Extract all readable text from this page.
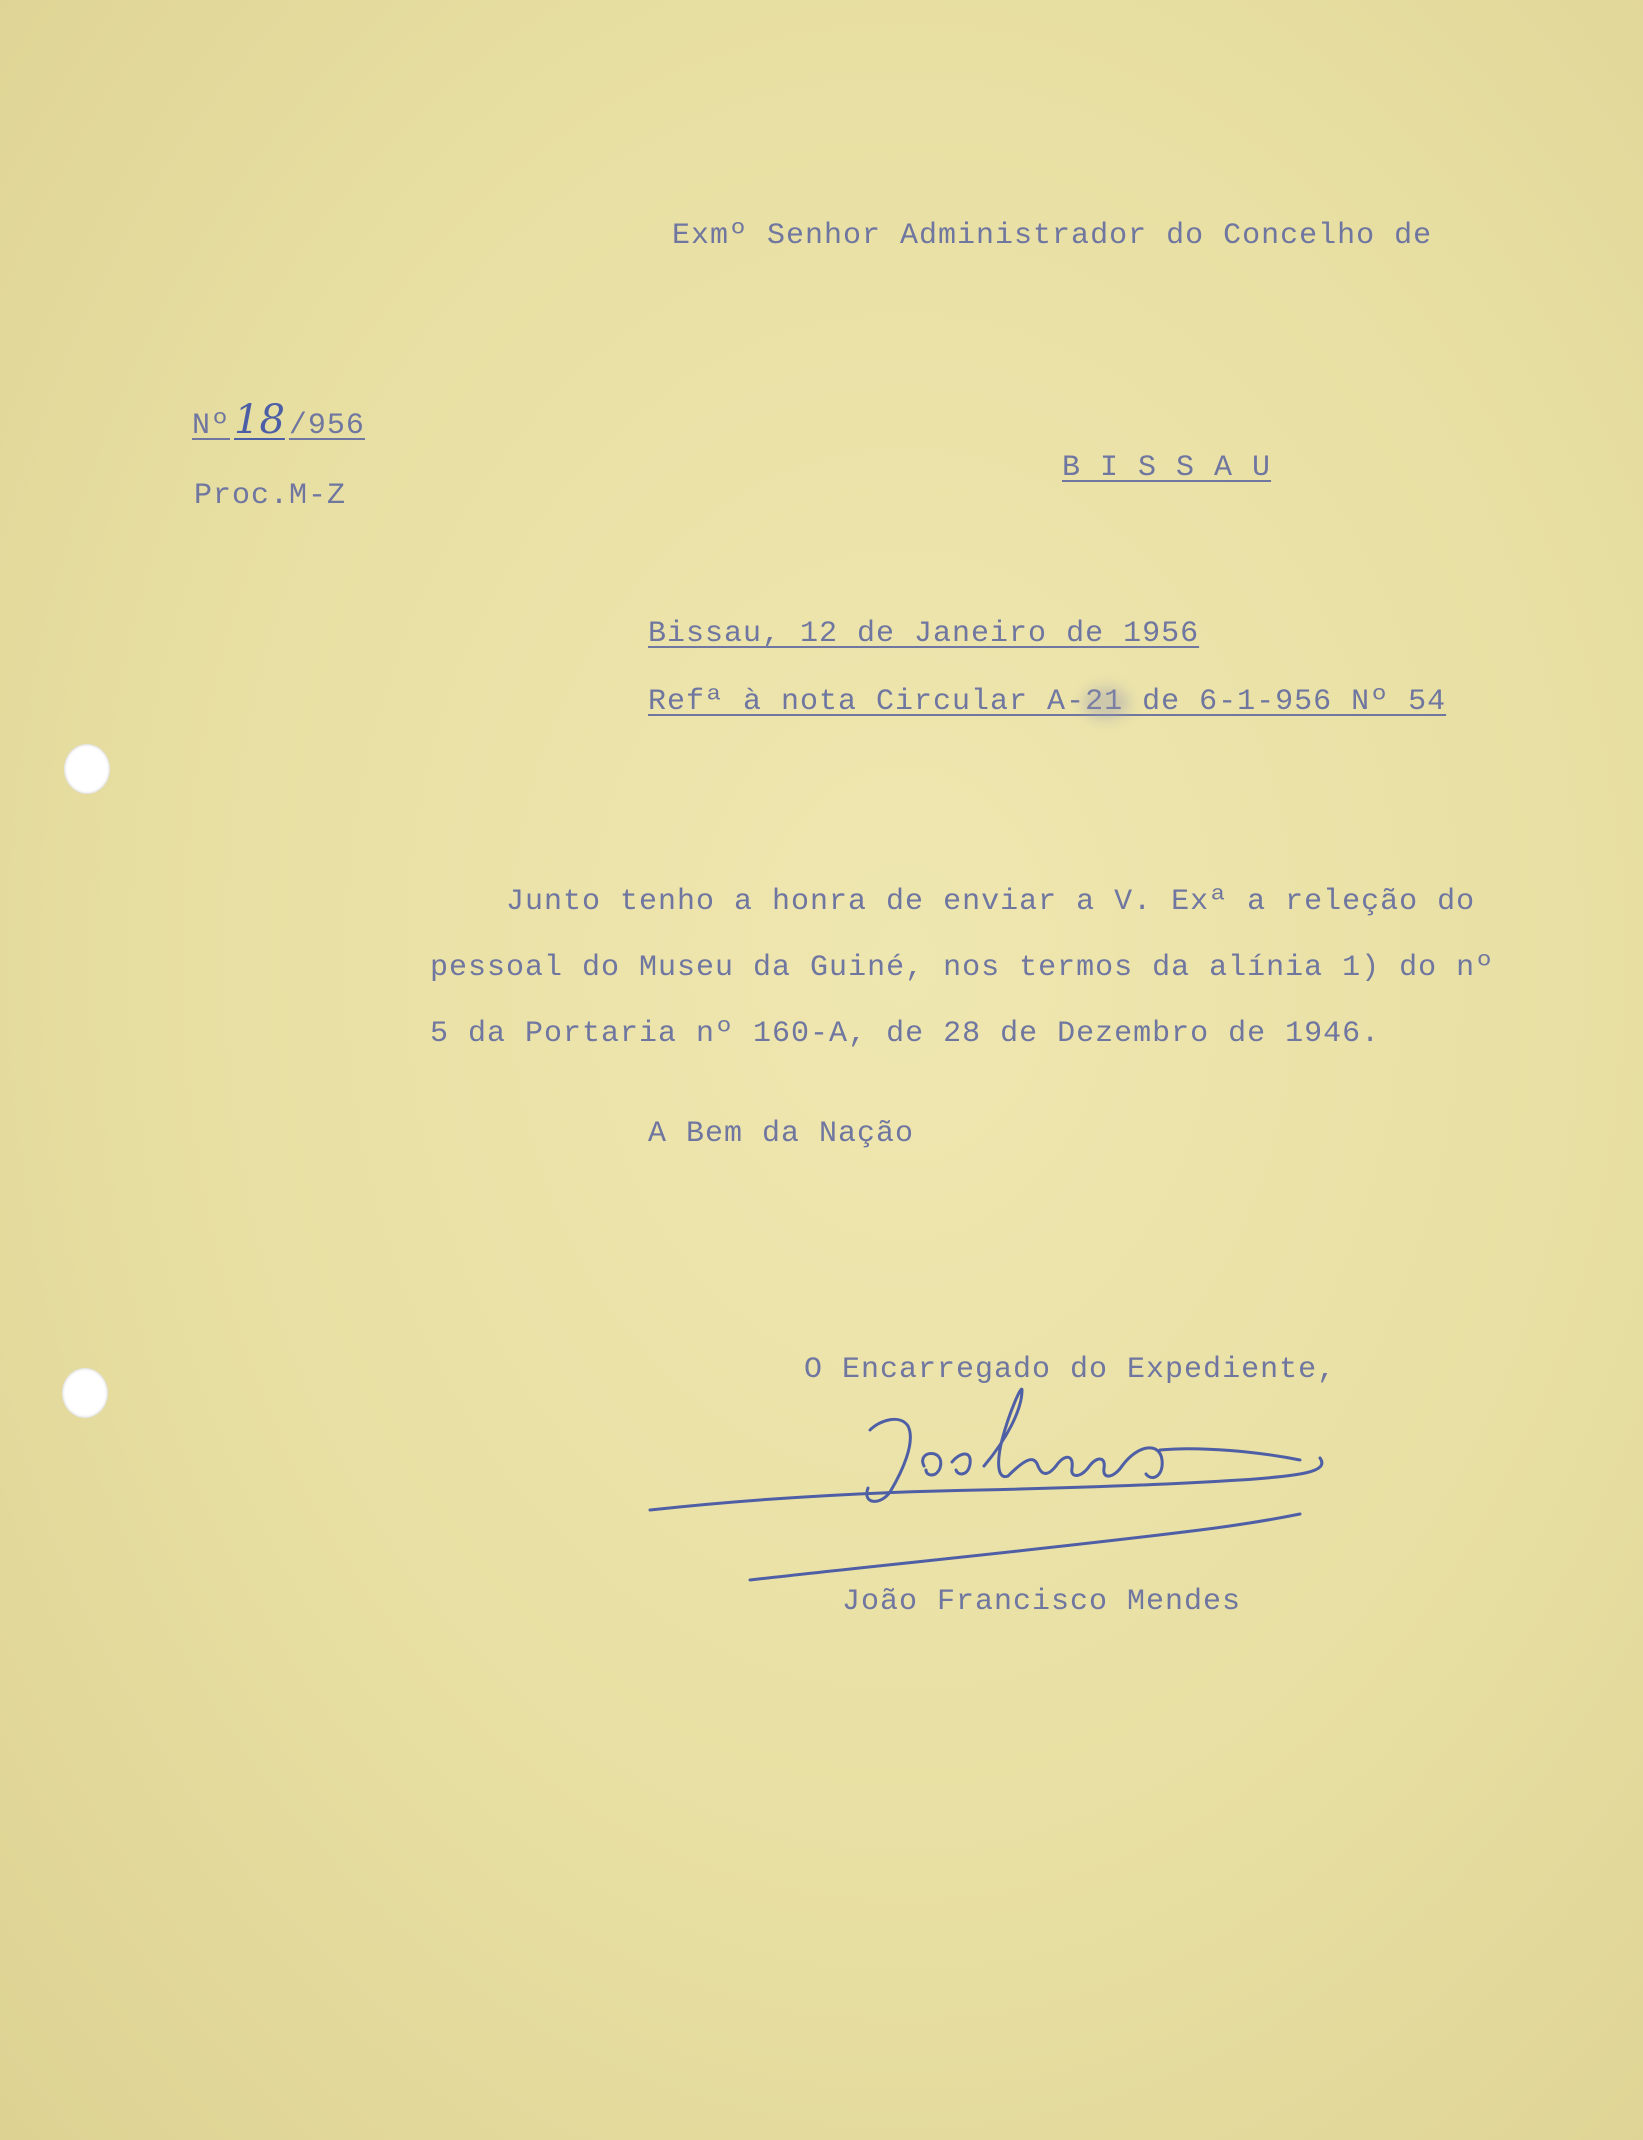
Exmº Senhor Administrador do Concelho de

Nº 18 /956

Proc.M-Z

B I S S A U

Bissau, 12 de Janeiro de 1956

Refª à nota Circular A-21 de 6-1-956 Nº 54

Junto tenho a honra de enviar a V. Exª a releção do

pessoal do Museu da Guiné, nos termos da alínia 1) do nº

5 da Portaria nº 160-A, de 28 de Dezembro de 1946.

A Bem da Nação

O Encarregado do Expediente,

João Francisco Mendes
